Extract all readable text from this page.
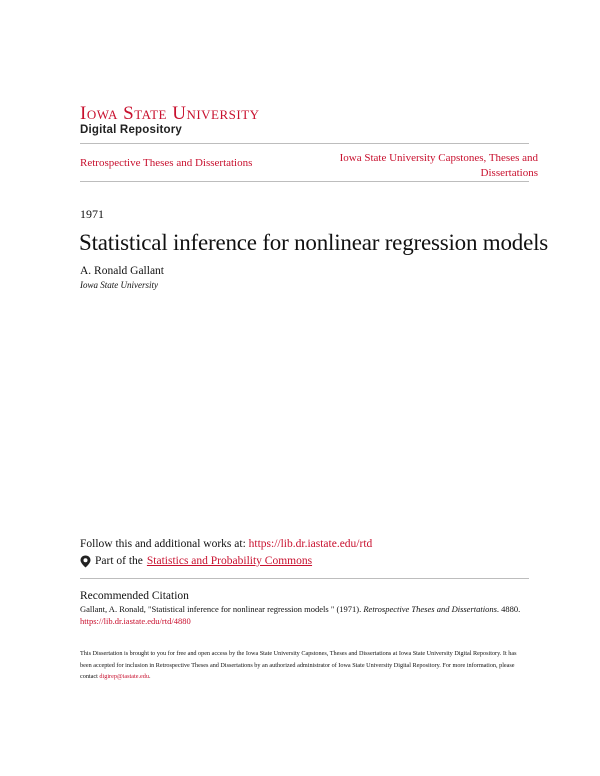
Iowa State University
Digital Repository
Retrospective Theses and Dissertations	Iowa State University Capstones, Theses and Dissertations
1971
Statistical inference for nonlinear regression models
A. Ronald Gallant
Iowa State University
Follow this and additional works at: https://lib.dr.iastate.edu/rtd
Part of the Statistics and Probability Commons
Recommended Citation
Gallant, A. Ronald, "Statistical inference for nonlinear regression models " (1971). Retrospective Theses and Dissertations. 4880.
https://lib.dr.iastate.edu/rtd/4880
This Dissertation is brought to you for free and open access by the Iowa State University Capstones, Theses and Dissertations at Iowa State University Digital Repository. It has been accepted for inclusion in Retrospective Theses and Dissertations by an authorized administrator of Iowa State University Digital Repository. For more information, please contact digirep@iastate.edu.
